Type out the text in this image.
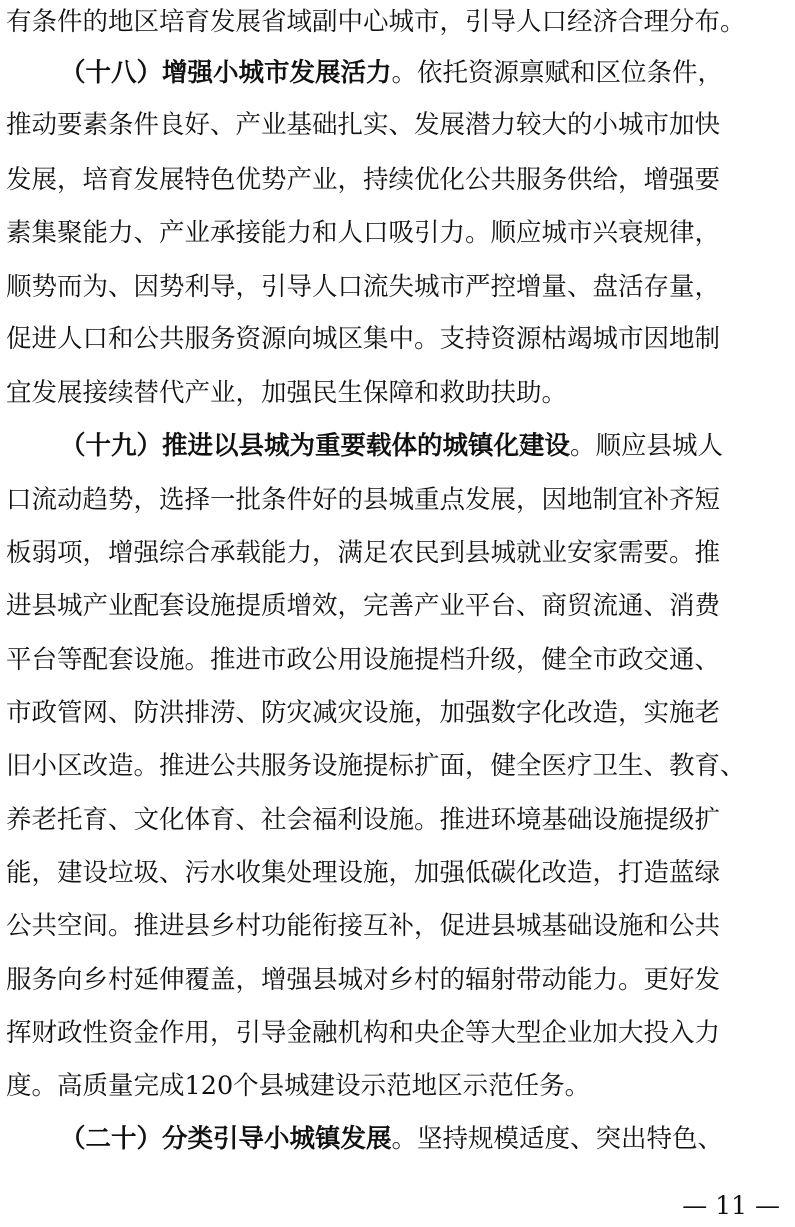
有条件的地区培育发展省域副中心城市，引导人口经济合理分布。
（十八）增强小城市发展活力。依托资源禀赋和区位条件，
推动要素条件良好、产业基础扎实、发展潜力较大的小城市加快
发展，培育发展特色优势产业，持续优化公共服务供给，增强要
素集聚能力、产业承接能力和人口吸引力。顺应城市兴衰规律，
顺势而为、因势利导，引导人口流失城市严控增量、盘活存量，
促进人口和公共服务资源向城区集中。支持资源枯竭城市因地制
宜发展接续替代产业，加强民生保障和救助扶助。
（十九）推进以县城为重要载体的城镇化建设。顺应县城人
口流动趋势，选择一批条件好的县城重点发展，因地制宜补齐短
板弱项，增强综合承载能力，满足农民到县城就业安家需要。推
进县城产业配套设施提质增效，完善产业平台、商贸流通、消费
平台等配套设施。推进市政公用设施提档升级，健全市政交通、
市政管网、防洪排涝、防灾减灾设施，加强数字化改造，实施老
旧小区改造。推进公共服务设施提标扩面，健全医疗卫生、教育、
养老托育、文化体育、社会福利设施。推进环境基础设施提级扩
能，建设垃圾、污水收集处理设施，加强低碳化改造，打造蓝绿
公共空间。推进县乡村功能衔接互补，促进县城基础设施和公共
服务向乡村延伸覆盖，增强县城对乡村的辐射带动能力。更好发
挥财政性资金作用，引导金融机构和央企等大型企业加大投入力
度。高质量完成120个县城建设示范地区示范任务。
（二十）分类引导小城镇发展。坚持规模适度、突出特色、
— 11 —
